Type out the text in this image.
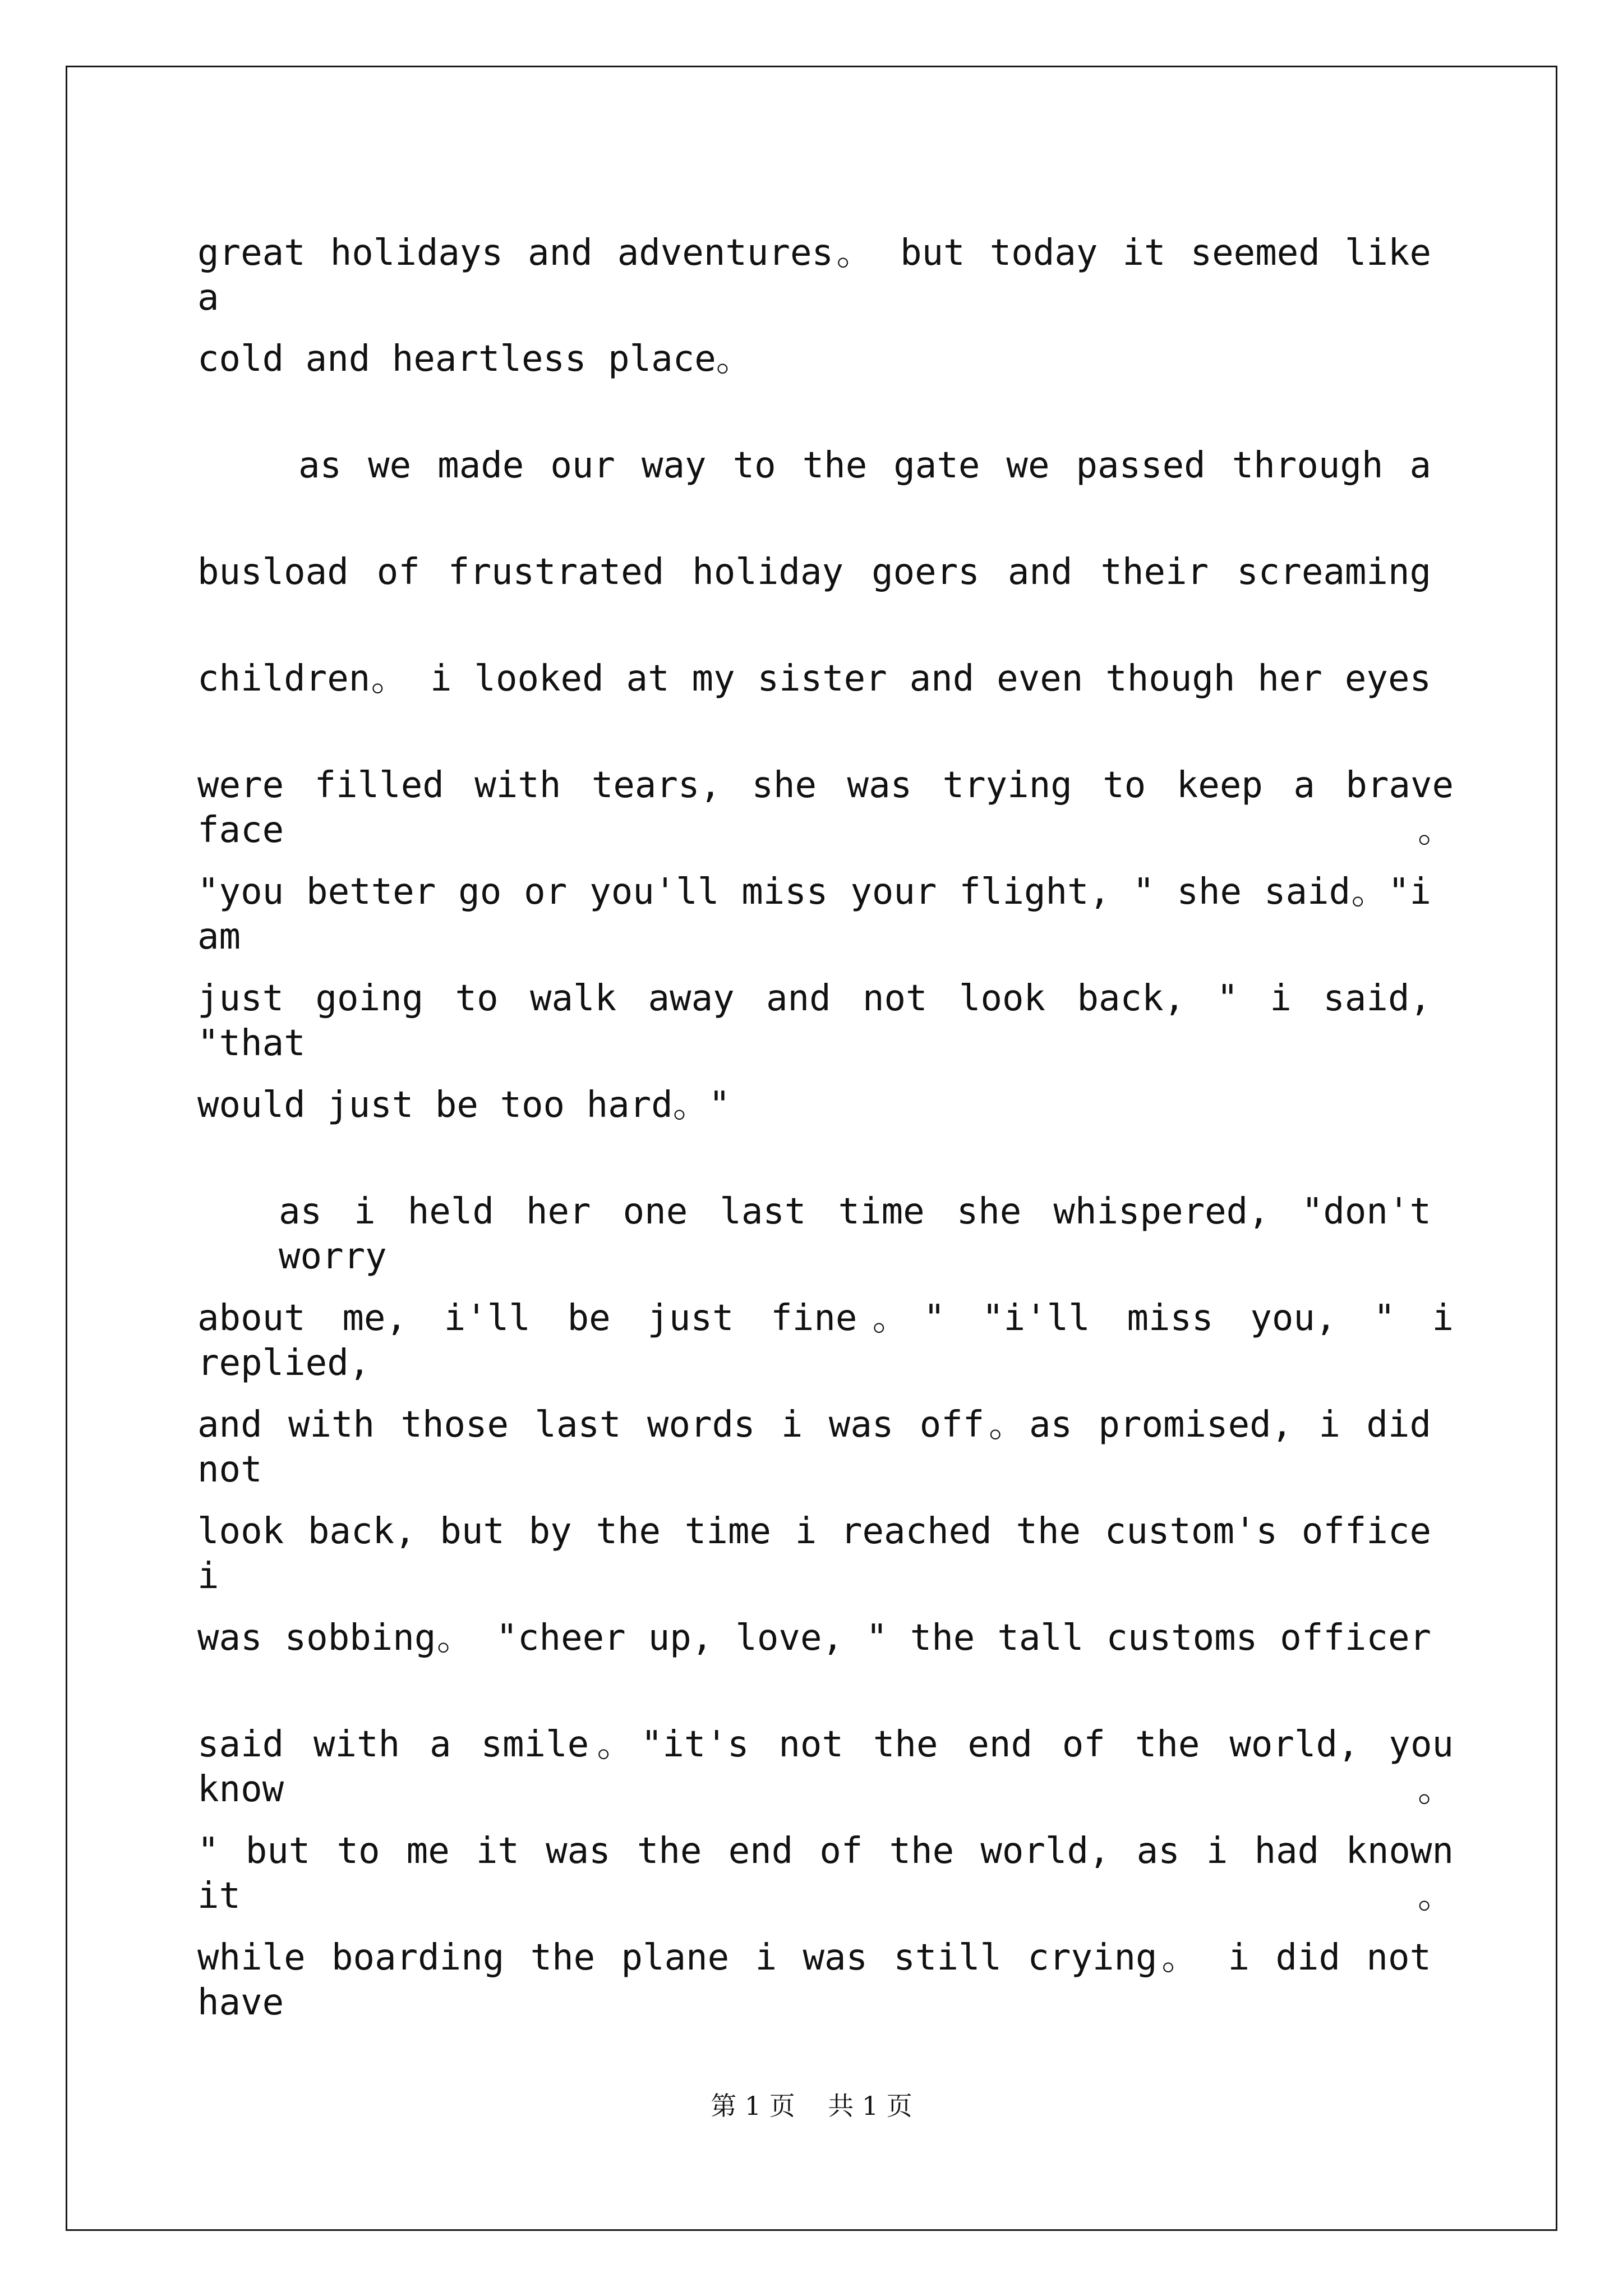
great holidays and adventures。 but today it seemed like a
cold and heartless place。
as we made our way to the gate we passed through a
busload of frustrated holiday goers and their screaming
children。 i looked at my sister and even though her eyes
were filled with tears, she was trying to keep a brave face。
"you better go or you'll miss your flight, " she said。"i am
just going to walk away and not look back, " i said, "that
would just be too hard。"
as i held her one last time she whispered, "don't worry
about me, i'll be just fine。" "i'll miss you, " i replied,
and with those last words i was off。as promised, i did not
look back, but by the time i reached the custom's office i
was sobbing。 "cheer up, love, " the tall customs officer
said with a smile。"it's not the end of the world, you know。
" but to me it was the end of the world, as i had known it。
while boarding the plane i was still crying。 i did not have
第 1 页    共 1 页
